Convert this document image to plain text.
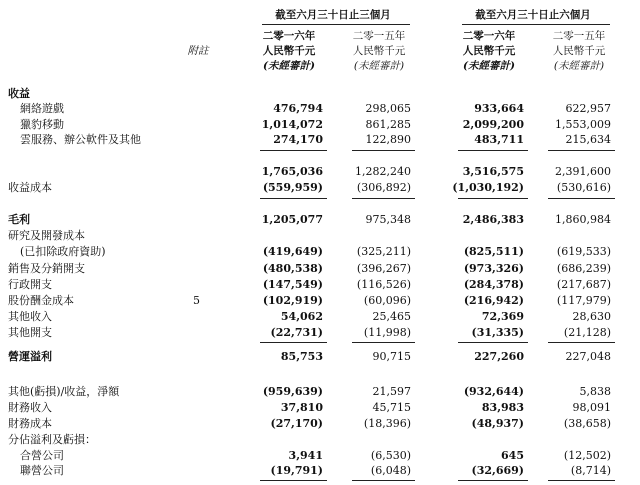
截至六月三十日止三個月	截至六月三十日止六個月
二零一六年	二零一五年	二零一六年	二零一五年
附註	人民幣千元	人民幣千元	人民幣千元	人民幣千元
(未經審計)	(未經審計)	(未經審計)	(未經審計)
收益
網絡遊戲	476,794	298,065	933,664	622,957
獵豹移動	1,014,072	861,285	2,099,200	1,553,009
雲服務、辦公軟件及其他	274,170	122,890	483,711	215,634
1,765,036	1,282,240	3,516,575	2,391,600
收益成本	(559,959)	(306,892)	(1,030,192)	(530,616)
毛利	1,205,077	975,348	2,486,383	1,860,984
研究及開發成本
(已扣除政府資助)	(419,649)	(325,211)	(825,511)	(619,533)
銷售及分銷開支	(480,538)	(396,267)	(973,326)	(686,239)
行政開支	(147,549)	(116,526)	(284,378)	(217,687)
股份酬金成本	5	(102,919)	(60,096)	(216,942)	(117,979)
其他收入	54,062	25,465	72,369	28,630
其他開支	(22,731)	(11,998)	(31,335)	(21,128)
營運溢利	85,753	90,715	227,260	227,048
其他(虧損)/收益，淨額	(959,639)	21,597	(932,644)	5,838
財務收入	37,810	45,715	83,983	98,091
財務成本	(27,170)	(18,396)	(48,937)	(38,658)
分佔溢利及虧損：
合營公司	3,941	(6,530)	645	(12,502)
聯營公司	(19,791)	(6,048)	(32,669)	(8,714)
